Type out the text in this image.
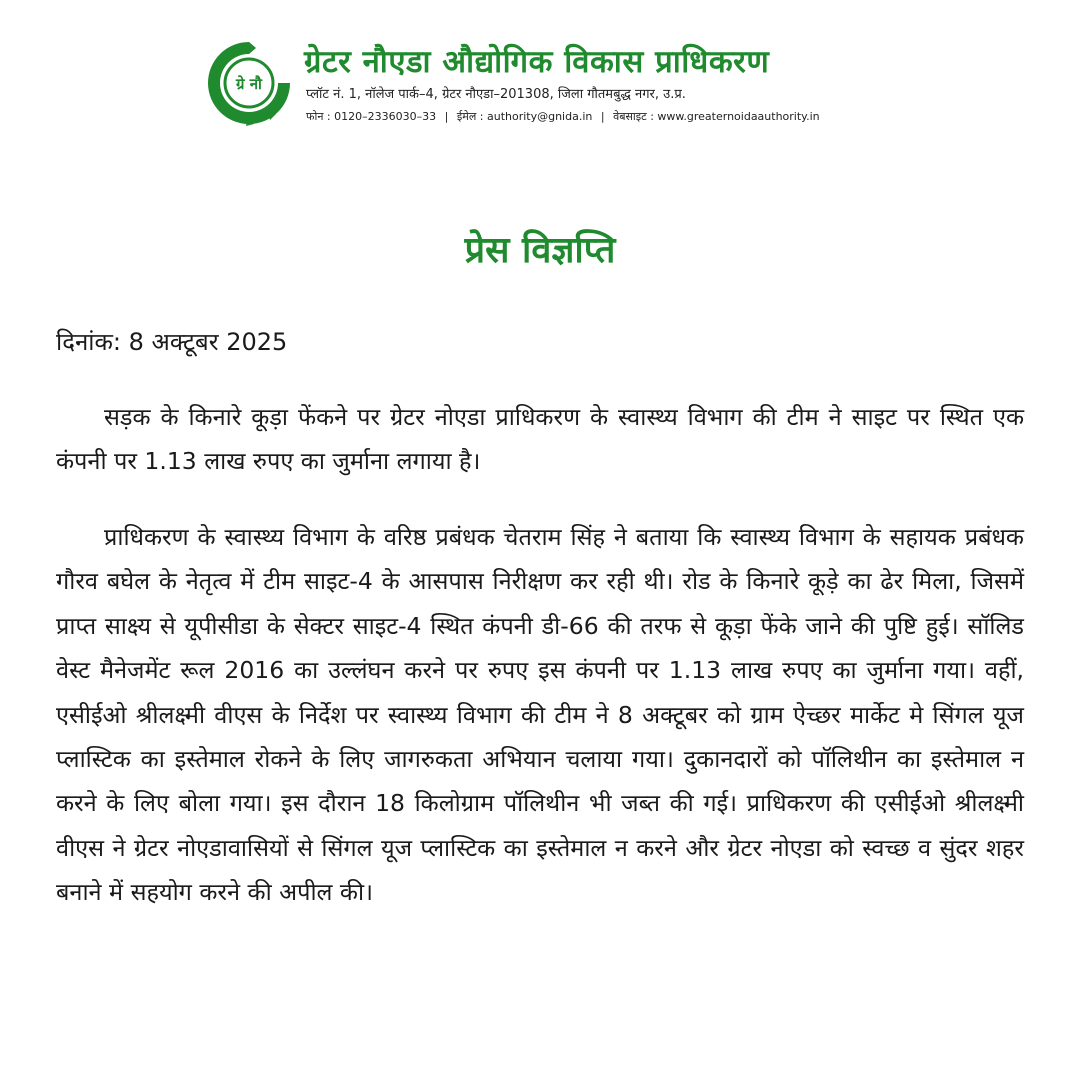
ग्रे नौ
ग्रेटर नौएडा औद्योगिक विकास प्राधिकरण
प्लॉट नं. 1, नॉलेज पार्क–4, ग्रेटर नौएडा–201308, जिला गौतमबुद्ध नगर, उ.प्र.
फोन : 0120–2336030–33 | ईमेल : authority@gnida.in | वेबसाइट : www.greaternoidaauthority.in
प्रेस विज्ञप्ति
दिनांक: 8 अक्टूबर 2025

सड़क के किनारे कूड़ा फेंकने पर ग्रेटर नोएडा प्राधिकरण के स्वास्थ्य विभाग की टीम ने साइट पर स्थित एक कंपनी पर 1.13 लाख रुपए का जुर्माना लगाया है।

प्राधिकरण के स्वास्थ्य विभाग के वरिष्ठ प्रबंधक चेतराम सिंह ने बताया कि स्वास्थ्य विभाग के सहायक प्रबंधक गौरव बघेल के नेतृत्व में टीम साइट-4 के आसपास निरीक्षण कर रही थी। रोड के किनारे कूड़े का ढेर मिला, जिसमें प्राप्त साक्ष्य से यूपीसीडा के सेक्टर साइट-4 स्थित कंपनी डी-66 की तरफ से कूड़ा फेंके जाने की पुष्टि हुई। सॉलिड वेस्ट मैनेजमेंट रूल 2016 का उल्लंघन करने पर रुपए इस कंपनी पर 1.13 लाख रुपए का जुर्माना गया। वहीं, एसीईओ श्रीलक्ष्मी वीएस के निर्देश पर स्वास्थ्य विभाग की टीम ने 8 अक्टूबर को ग्राम ऐच्छर मार्केट मे सिंगल यूज प्लास्टिक का इस्तेमाल रोकने के लिए जागरुकता अभियान चलाया गया। दुकानदारों को पॉलिथीन का इस्तेमाल न करने के लिए बोला गया। इस दौरान 18 किलोग्राम पॉलिथीन भी जब्त की गई। प्राधिकरण की एसीईओ श्रीलक्ष्मी वीएस ने ग्रेटर नोएडावासियों से सिंगल यूज प्लास्टिक का इस्तेमाल न करने और ग्रेटर नोएडा को स्वच्छ व सुंदर शहर बनाने में सहयोग करने की अपील की।
